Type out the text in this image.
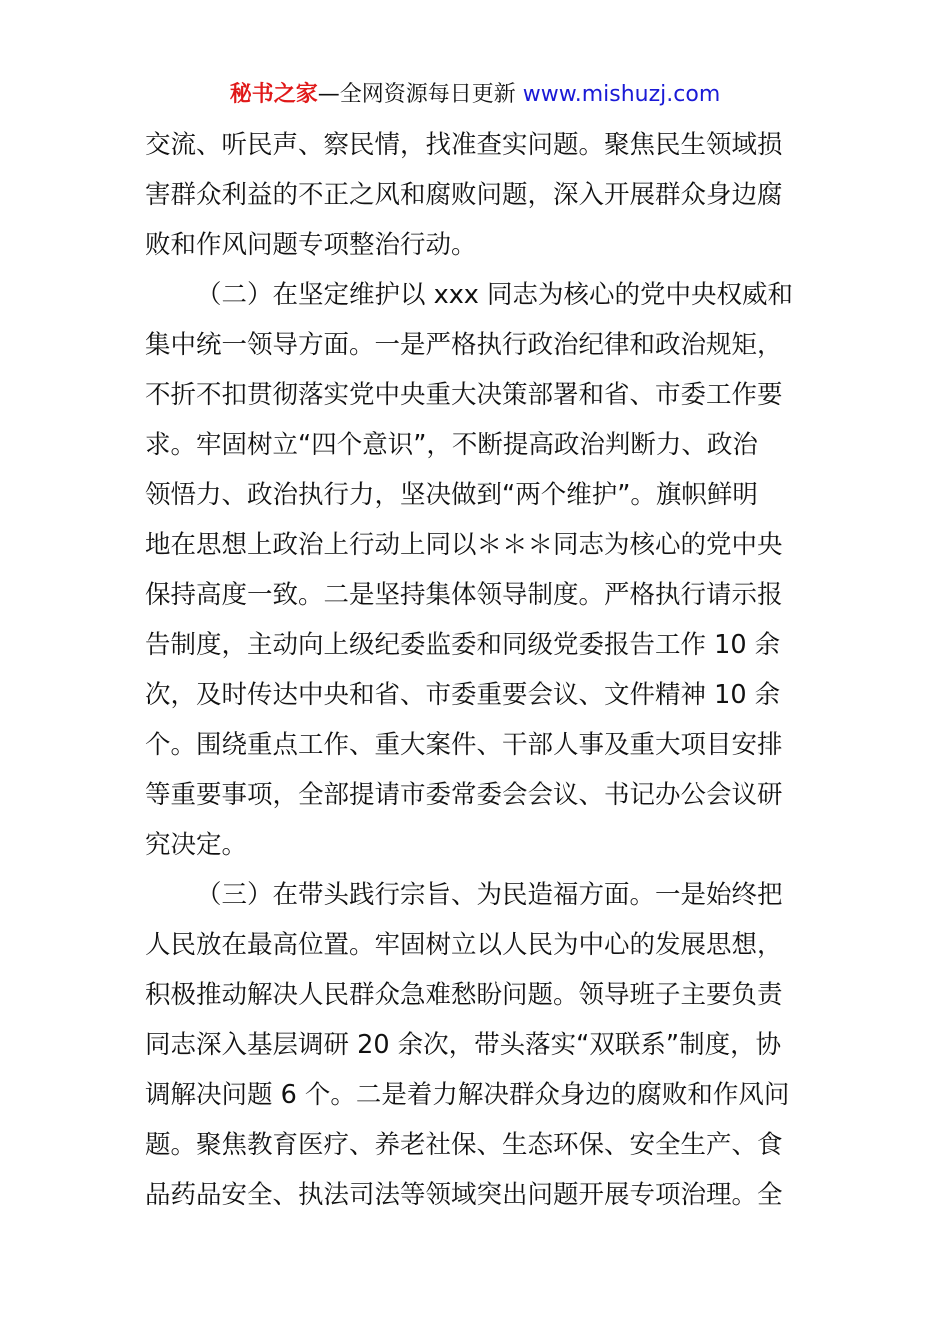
秘书之家—全网资源每日更新 www.mishuzj.com
交流、听民声、察民情，找准查实问题。聚焦民生领域损
害群众利益的不正之风和腐败问题，深入开展群众身边腐
败和作风问题专项整治行动。
（二）在坚定维护以 xxx 同志为核心的党中央权威和
集中统一领导方面。一是严格执行政治纪律和政治规矩，
不折不扣贯彻落实党中央重大决策部署和省、市委工作要
求。牢固树立“四个意识”，不断提高政治判断力、政治
领悟力、政治执行力，坚决做到“两个维护”。旗帜鲜明
地在思想上政治上行动上同以＊＊＊同志为核心的党中央
保持高度一致。二是坚持集体领导制度。严格执行请示报
告制度，主动向上级纪委监委和同级党委报告工作 10 余
次，及时传达中央和省、市委重要会议、文件精神 10 余
个。围绕重点工作、重大案件、干部人事及重大项目安排
等重要事项，全部提请市委常委会会议、书记办公会议研
究决定。
（三）在带头践行宗旨、为民造福方面。一是始终把
人民放在最高位置。牢固树立以人民为中心的发展思想，
积极推动解决人民群众急难愁盼问题。领导班子主要负责
同志深入基层调研 20 余次，带头落实“双联系”制度，协
调解决问题 6 个。二是着力解决群众身边的腐败和作风问
题。聚焦教育医疗、养老社保、生态环保、安全生产、食
品药品安全、执法司法等领域突出问题开展专项治理。全
